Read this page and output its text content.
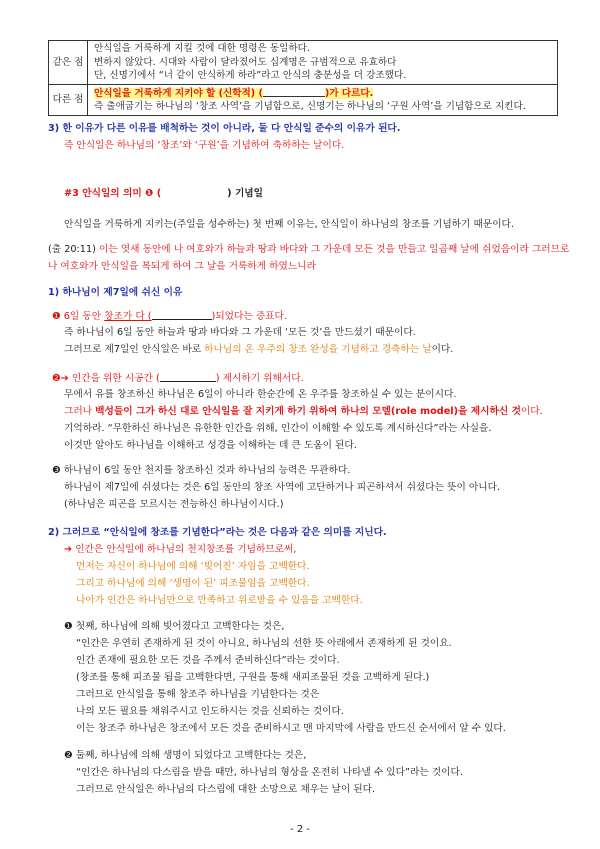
같은 점	안식일을 거룩하게 지킬 것에 대한 명령은 동일하다.
변하지 않았다. 시대와 사람이 달라졌어도 십계명은 규범적으로 유효하다
단, 신명기에서 “너 같이 안식하게 하라”라고 안식의 충분성을 더 강조했다.

다른 점	안식일을 거룩하게 지키야 할 (신학적) ( )가 다르다.
즉 출애굽기는 하나님의 ‘창조 사역’을 기념함으로, 신명기는 하나님의 ‘구원 사역’을 기념함으로 지킨다.
3) 한 이유가 다른 이유를 배척하는 것이 아니라, 둘 다 안식일 준수의 이유가 된다.
즉 안식일은 하나님의 ‘창조’와 ‘구원’을 기념하여 축하하는 날이다.
#3 안식일의 의미 ❶ (	) 기념일
안식일을 거룩하게 지키는(주일을 성수하는) 첫 번째 이유는, 안식일이 하나님의 창조를 기념하기 때문이다.
(출 20:11) 이는 엿새 동안에 나 여호와가 하늘과 땅과 바다와 그 가운데 모든 것을 만들고 일곱째 날에 쉬었음이라 그러므로
나 여호와가 안식일을 복되게 하여 그 날을 거룩하게 하였느니라
1) 하나님이 제7일에 쉬신 이유
❶ 6일 동안 창조가 다 (	)되었다는 증표다.
즉 하나님이 6일 동안 하늘과 땅과 바다와 그 가운데 ‘모든 것’을 만드셨기 때문이다.
그러므로 제7일인 안식일은 바로 하나님의 온 우주의 창조 완성을 기념하고 경축하는 날이다.
❷➔ 인간을 위한 시공간 (	) 제시하기 위해서다.
무에서 유를 창조하신 하나님은 6일이 아니라 한순간에 온 우주를 창조하실 수 있는 분이시다.
그러나 백성들이 그가 하신 대로 안식일을 잘 지키게 하기 위하여 하나의 모델(role model)을 제시하신 것이다.
기억하라. “무한하신 하나님은 유한한 인간을 위해, 인간이 이해할 수 있도록 계시하신다”라는 사실을.
이것만 알아도 하나님을 이해하고 성경을 이해하는 데 큰 도움이 된다.
❸ 하나님이 6일 동안 천지를 창조하신 것과 하나님의 능력은 무관하다.
하나님이 제7일에 쉬셨다는 것은 6일 동안의 창조 사역에 고단하거나 피곤하셔서 쉬셨다는 뜻이 아니다.
(하나님은 피곤을 모르시는 전능하신 하나님이시다.)
2) 그러므로 “안식일에 창조를 기념한다”라는 것은 다음과 같은 의미를 지닌다.
➔ 인간은 안식일에 하나님의 천지창조를 기념하므로써,
먼저는 자신이 하나님에 의해 ‘빚어진’ 자임을 고백한다.
그리고 하나님에 의해 ‘생명이 된’ 피조물임을 고백한다.
나아가 인간은 하나님만으로 만족하고 위로받을 수 있음을 고백한다.
❶ 첫째, 하나님에 의해 빚어졌다고 고백한다는 것은,
“인간은 우연히 존재하게 된 것이 아니요, 하나님의 선한 뜻 아래에서 존재하게 된 것이요.
인간 존재에 필요한 모든 것을 주께서 준비하신다”라는 것이다.
(창조를 통해 피조물 됨을 고백한다면, 구원을 통해 새피조물된 것을 고백하게 된다.)
그러므로 안식일을 통해 창조주 하나님을 기념한다는 것은
나의 모든 필요를 채워주시고 인도하시는 것을 신뢰하는 것이다.
이는 창조주 하나님은 창조에서 모든 것을 준비하시고 맨 마지막에 사람을 만드신 순서에서 알 수 있다.
❷ 둘째, 하나님에 의해 생명이 되었다고 고백한다는 것은,
“인간은 하나님의 다스림을 받을 때만, 하나님의 형상을 온전히 나타낼 수 있다”라는 것이다.
그러므로 안식일은 하나님의 다스림에 대한 소망으로 채우는 날이 된다.
- 2 -
